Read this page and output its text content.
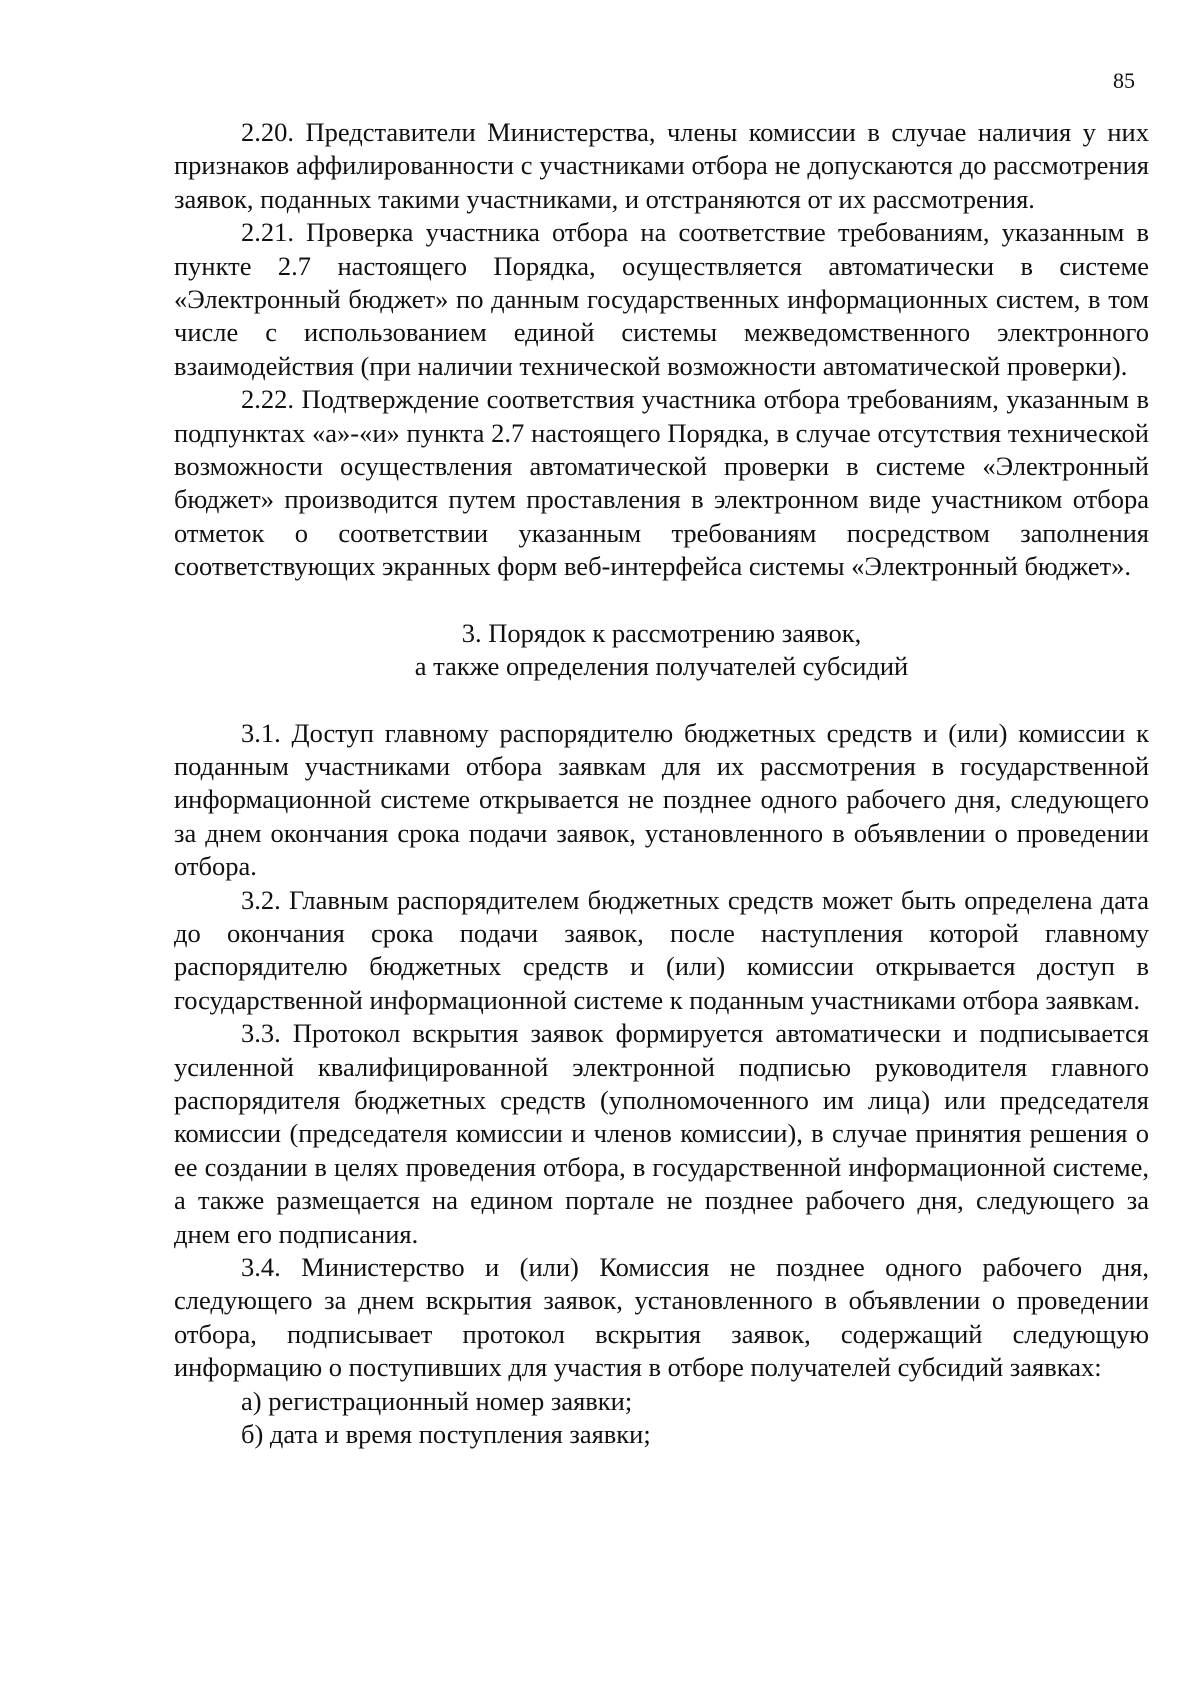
85

2.20. Представители Министерства, члены комиссии в случае наличия у них признаков аффилированности с участниками отбора не допускаются до рассмотрения заявок, поданных такими участниками, и отстраняются от их рассмотрения.

2.21. Проверка участника отбора на соответствие требованиям, указанным в пункте 2.7 настоящего Порядка, осуществляется автоматически в системе «Электронный бюджет» по данным государственных информационных систем, в том числе с использованием единой системы межведомственного электронного взаимодействия (при наличии технической возможности автоматической проверки).

2.22. Подтверждение соответствия участника отбора требованиям, указанным в подпунктах «а»-«и» пункта 2.7 настоящего Порядка, в случае отсутствия технической возможности осуществления автоматической проверки в системе «Электронный бюджет» производится путем проставления в электронном виде участником отбора отметок о соответствии указанным требованиям посредством заполнения соответствующих экранных форм веб-интерфейса системы «Электронный бюджет».

3. Порядок к рассмотрению заявок,
а также определения получателей субсидий

3.1. Доступ главному распорядителю бюджетных средств и (или) комиссии к поданным участниками отбора заявкам для их рассмотрения в государственной информационной системе открывается не позднее одного рабочего дня, следующего за днем окончания срока подачи заявок, установленного в объявлении о проведении отбора.

3.2. Главным распорядителем бюджетных средств может быть определена дата до окончания срока подачи заявок, после наступления которой главному распорядителю бюджетных средств и (или) комиссии открывается доступ в государственной информационной системе к поданным участниками отбора заявкам.

3.3. Протокол вскрытия заявок формируется автоматически и подписывается усиленной квалифицированной электронной подписью руководителя главного распорядителя бюджетных средств (уполномоченного им лица) или председателя комиссии (председателя комиссии и членов комиссии), в случае принятия решения о ее создании в целях проведения отбора, в государственной информационной системе, а также размещается на едином портале не позднее рабочего дня, следующего за днем его подписания.

3.4. Министерство и (или) Комиссия не позднее одного рабочего дня, следующего за днем вскрытия заявок, установленного в объявлении о проведении отбора, подписывает протокол вскрытия заявок, содержащий следующую информацию о поступивших для участия в отборе получателей субсидий заявках:

а) регистрационный номер заявки;

б) дата и время поступления заявки;
